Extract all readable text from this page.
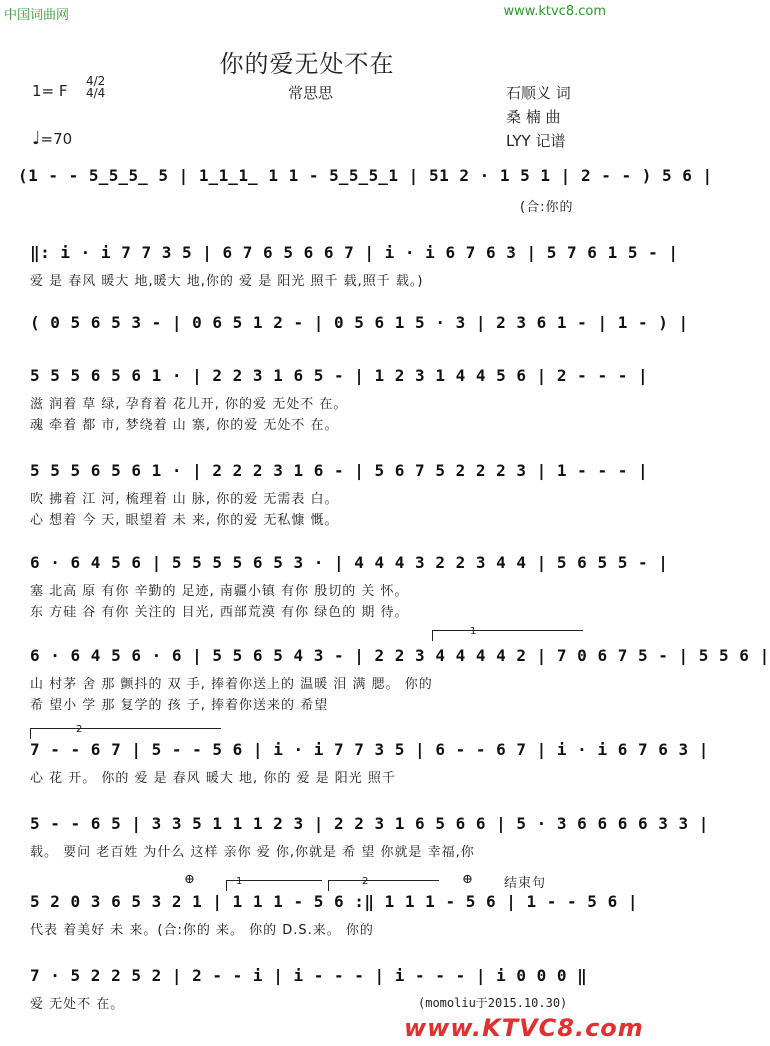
中国词曲网	www.ktvc8.com
你的爱无处不在
1= F
4/2
4/4	常思思	石顺义 词
桑 楠 曲
LYY 记谱
♩=70
(1 - - 5̲5̲5̲ 5 | 1̲1̲1̲ 1 1 - 5̲5̲5̲1 | 51 2 · 1 5 1 | 2 - - ) 5 6 |
(合:你的
‖: i · i 7 7 3 5 | 6 7 6 5 6 6 7 | i · i 6 7 6 3 | 5 7 6 1 5 - |
爱 是 春风 暖大 地,暖大 地,你的 爱 是 阳光 照千 载,照千 载。)
( 0 5 6 5 3 - | 0 6 5 1 2 - | 0 5 6 1 5 · 3 | 2 3 6 1 - | 1 - ) |
5 5 5 6 5 6 1 · | 2 2 3 1 6 5 - | 1 2 3 1 4 4 5 6 | 2 - - - |
滋 润着 草 绿, 孕育着 花儿开, 你的爱 无处不 在。
魂 牵着 都 市, 梦绕着 山 寨, 你的爱 无处不 在。
5 5 5 6 5 6 1 · | 2 2 2 3 1 6 - | 5 6 7 5 2 2 2 3 | 1 - - - |
吹 拂着 江 河, 梳理着 山 脉, 你的爱 无需表 白。
心 想着 今 天, 眼望着 未 来, 你的爱 无私慷 慨。
6 · 6 4 5 6 | 5 5 5 5 6 5 3 · | 4 4 4 3 2 2 3 4 4 | 5 6 5 5 - |
塞 北高 原 有你 辛勤的 足迹, 南疆小镇 有你 殷切的 关 怀。
东 方硅 谷 有你 关注的 目光, 西部荒漠 有你 绿色的 期 待。
1
6 · 6 4 5 6 · 6 | 5 5 6 5 4 3 - | 2 2 3 4 4 4 4 2 | 7 0 6 7 5 - | 5 5 6 |
山 村茅 舍 那 颤抖的 双 手, 捧着你送上的 温暖 泪 满 腮。 你的
希 望小 学 那 复学的 孩 子, 捧着你送来的 希望
2
7 - - 6 7 | 5 - - 5 6 | i · i 7 7 3 5 | 6 - - 6 7 | i · i 6 7 6 3 |
心 花 开。 你的 爱 是 春风 暖大 地, 你的 爱 是 阳光 照千
5 - - 6 5 | 3 3 5 1 1 1 2 3 | 2 2 3 1 6 5 6 6 | 5 · 3 6 6 6 6 3 3 |
载。 要问 老百姓 为什么 这样 亲你 爱 你,你就是 希 望 你就是 幸福,你
⊕	1	2	⊕ 结束句
5 2 0 3 6 5 3 2 1 | 1 1 1 - 5 6 :‖ 1 1 1 - 5 6 | 1 - - 5 6 |
代表 着美好 未 来。(合:你的 来。 你的 D.S.来。 你的
7 · 5 2 2 5 2 | 2 - - i | i - - - | i - - - | i 0 0 0 ‖
爱 无处不 在。	(momoliu于2015.10.30)
www.KTVC8.com
